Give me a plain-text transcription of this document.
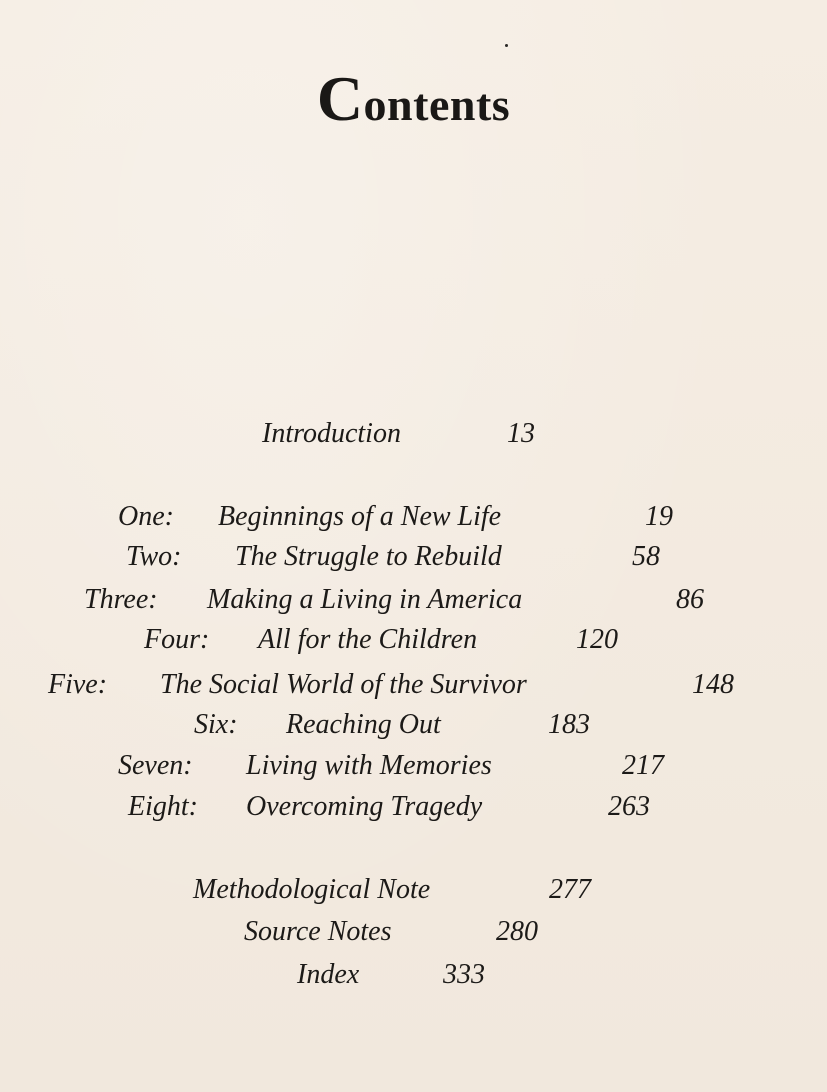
Contents
Introduction	13
One: Beginnings of a New Life	19
Two: The Struggle to Rebuild	58
Three: Making a Living in America	86
Four: All for the Children	120
Five: The Social World of the Survivor	148
Six: Reaching Out	183
Seven: Living with Memories	217
Eight: Overcoming Tragedy	263
Methodological Note	277
Source Notes	280
Index	333
